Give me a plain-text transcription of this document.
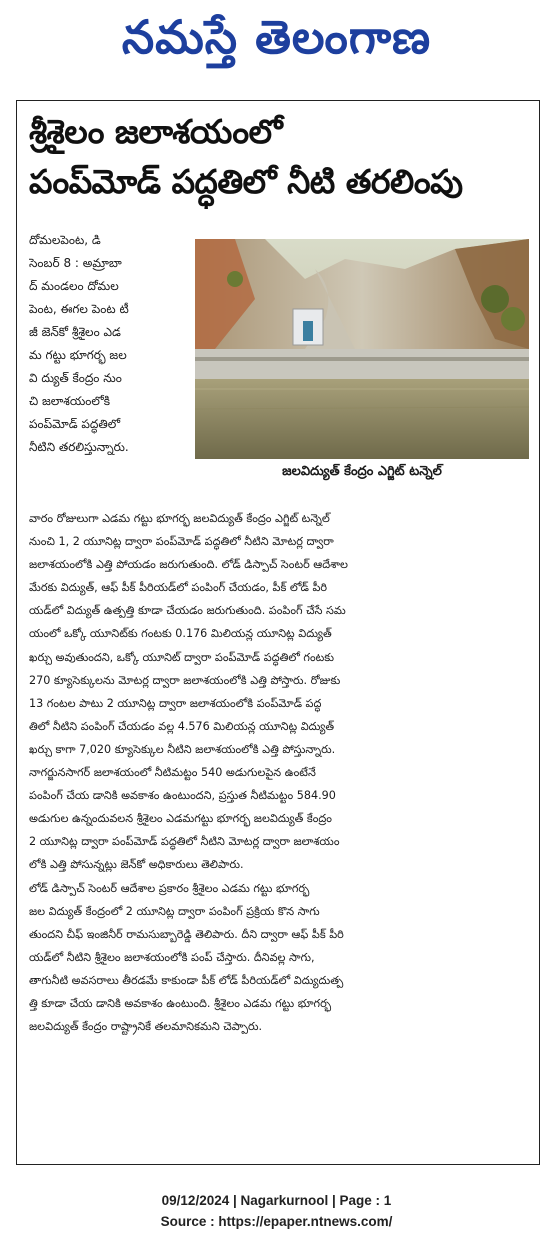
నమస్తే తెలంగాణ
శ్రీశైలం జలాశయంలో
పంప్‌మోడ్ పద్ధతిలో నీటి తరలింపు
దోమలపెంట, డి
సెంబర్ 8 : అమ్రాబా
ద్ మండలం దోమల
పెంట, ఈగల పెంట టీ
జీ జెన్‌కో శ్రీశైలం ఎడ
మ గట్టు భూగర్భ జల
వి ద్యుత్ కేంద్రం నుం
చి జలాశయంలోకి
పంప్‌మోడ్ పద్ధతిలో
నీటిని తరలిస్తున్నారు.
జలవిద్యుత్ కేంద్రం ఎగ్జిట్ టన్నెల్
వారం రోజులుగా ఎడమ గట్టు భూగర్భ జలవిద్యుత్ కేంద్రం ఎగ్జిట్ టన్నెల్
నుంచి 1, 2 యూనిట్ల ద్వారా పంప్‌మోడ్ పద్ధతిలో నీటిని మోటర్ల ద్వారా
జలాశయంలోకి ఎత్తి పోయడం జరుగుతుంది. లోడ్ డిస్పాచ్ సెంటర్ ఆదేశాల
మేరకు విద్యుత్, ఆఫ్ పీక్ పీరియడ్‌లో పంపింగ్ చేయడం, పీక్ లోడ్ పీరి
యడ్‌లో విద్యుత్ ఉత్పత్తి కూడా చేయడం జరుగుతుంది. పంపింగ్ చేసే సమ
యంలో ఒక్కో యూనిట్‌కు గంటకు 0.176 మిలియన్ల యూనిట్ల విద్యుత్
ఖర్చు అవుతుందని, ఒక్కో యూనిట్ ద్వారా పంప్‌మోడ్ పద్ధతిలో గంటకు
270 క్యూసెక్కులను మోటర్ల ద్వారా జలాశయంలోకి ఎత్తి పోస్తారు. రోజుకు
13 గంటల పాటు 2 యూనిట్ల ద్వారా జలాశయంలోకి పంప్‌మోడ్ పద్ధ
తిలో నీటిని పంపింగ్ చేయడం వల్ల 4.576 మిలియన్ల యూనిట్ల విద్యుత్
ఖర్చు కాగా 7,020 క్యూసెక్కుల నీటిని జలాశయంలోకి ఎత్తి పోస్తున్నారు.
నాగర్జునసాగర్ జలాశయంలో నీటిమట్టం 540 అడుగులపైన ఉంటేనే
పంపింగ్ చేయ డానికి అవకాశం ఉంటుందని, ప్రస్తుత నీటిమట్టం 584.90
అడుగుల ఉన్నందువలన శ్రీశైలం ఎడమగట్టు భూగర్భ జలవిద్యుత్ కేంద్రం
2 యూనిట్ల ద్వారా పంప్‌మోడ్ పద్ధతిలో నీటిని మోటర్ల ద్వారా జలాశయం
లోకి ఎత్తి పోసున్నట్లు జెన్‌కో అధికారులు తెలిపారు.
లోడ్ డిస్పాచ్ సెంటర్ ఆదేశాల ప్రకారం శ్రీశైలం ఎడమ గట్టు భూగర్భ
జల విద్యుత్ కేంద్రంలో 2 యూనిట్ల ద్వారా పంపింగ్ ప్రక్రియ కొన సాగు
తుందని చీఫ్ ఇంజినీర్ రామసుబ్బారెడ్డి తెలిపారు. దీని ద్వారా ఆఫ్ పీక్ పీరి
యడ్‌లో నీటిని శ్రీశైలం జలాశయంలోకి పంప్ చేస్తారు. దీనివల్ల సాగు,
తాగునీటి అవసరాలు తీరడమే కాకుండా పీక్ లోడ్ పీరియడ్‌లో విద్యుదుత్ప
త్తి కూడా చేయ డానికి అవకాశం ఉంటుంది. శ్రీశైలం ఎడమ గట్టు భూగర్భ
జలవిద్యుత్ కేంద్రం రాష్ట్రానికే తలమానికమని చెప్పారు.
09/12/2024 | Nagarkurnool | Page : 1
Source : https://epaper.ntnews.com/
